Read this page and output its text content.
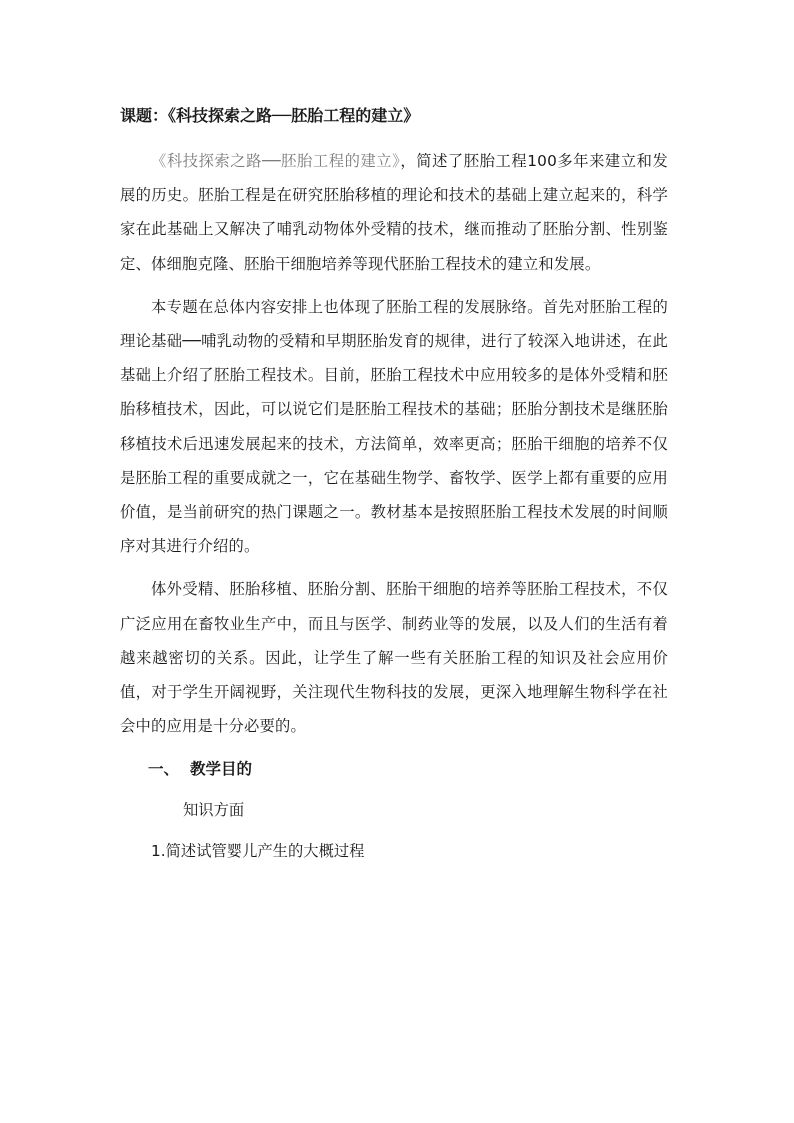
课题：《科技探索之路──胚胎工程的建立》

《科技探索之路──胚胎工程的建立》，简述了胚胎工程100多年来建立和发展的历史。胚胎工程是在研究胚胎移植的理论和技术的基础上建立起来的，科学家在此基础上又解决了哺乳动物体外受精的技术，继而推动了胚胎分割、性别鉴定、体细胞克隆、胚胎干细胞培养等现代胚胎工程技术的建立和发展。

本专题在总体内容安排上也体现了胚胎工程的发展脉络。首先对胚胎工程的理论基础──哺乳动物的受精和早期胚胎发育的规律，进行了较深入地讲述，在此基础上介绍了胚胎工程技术。目前，胚胎工程技术中应用较多的是体外受精和胚胎移植技术，因此，可以说它们是胚胎工程技术的基础；胚胎分割技术是继胚胎移植技术后迅速发展起来的技术，方法简单，效率更高；胚胎干细胞的培养不仅是胚胎工程的重要成就之一，它在基础生物学、畜牧学、医学上都有重要的应用价值，是当前研究的热门课题之一。教材基本是按照胚胎工程技术发展的时间顺序对其进行介绍的。

体外受精、胚胎移植、胚胎分割、胚胎干细胞的培养等胚胎工程技术，不仅广泛应用在畜牧业生产中，而且与医学、制药业等的发展，以及人们的生活有着越来越密切的关系。因此，让学生了解一些有关胚胎工程的知识及社会应用价值，对于学生开阔视野，关注现代生物科技的发展，更深入地理解生物科学在社会中的应用是十分必要的。

一、 教学目的
知识方面
1.简述试管婴儿产生的大概过程
